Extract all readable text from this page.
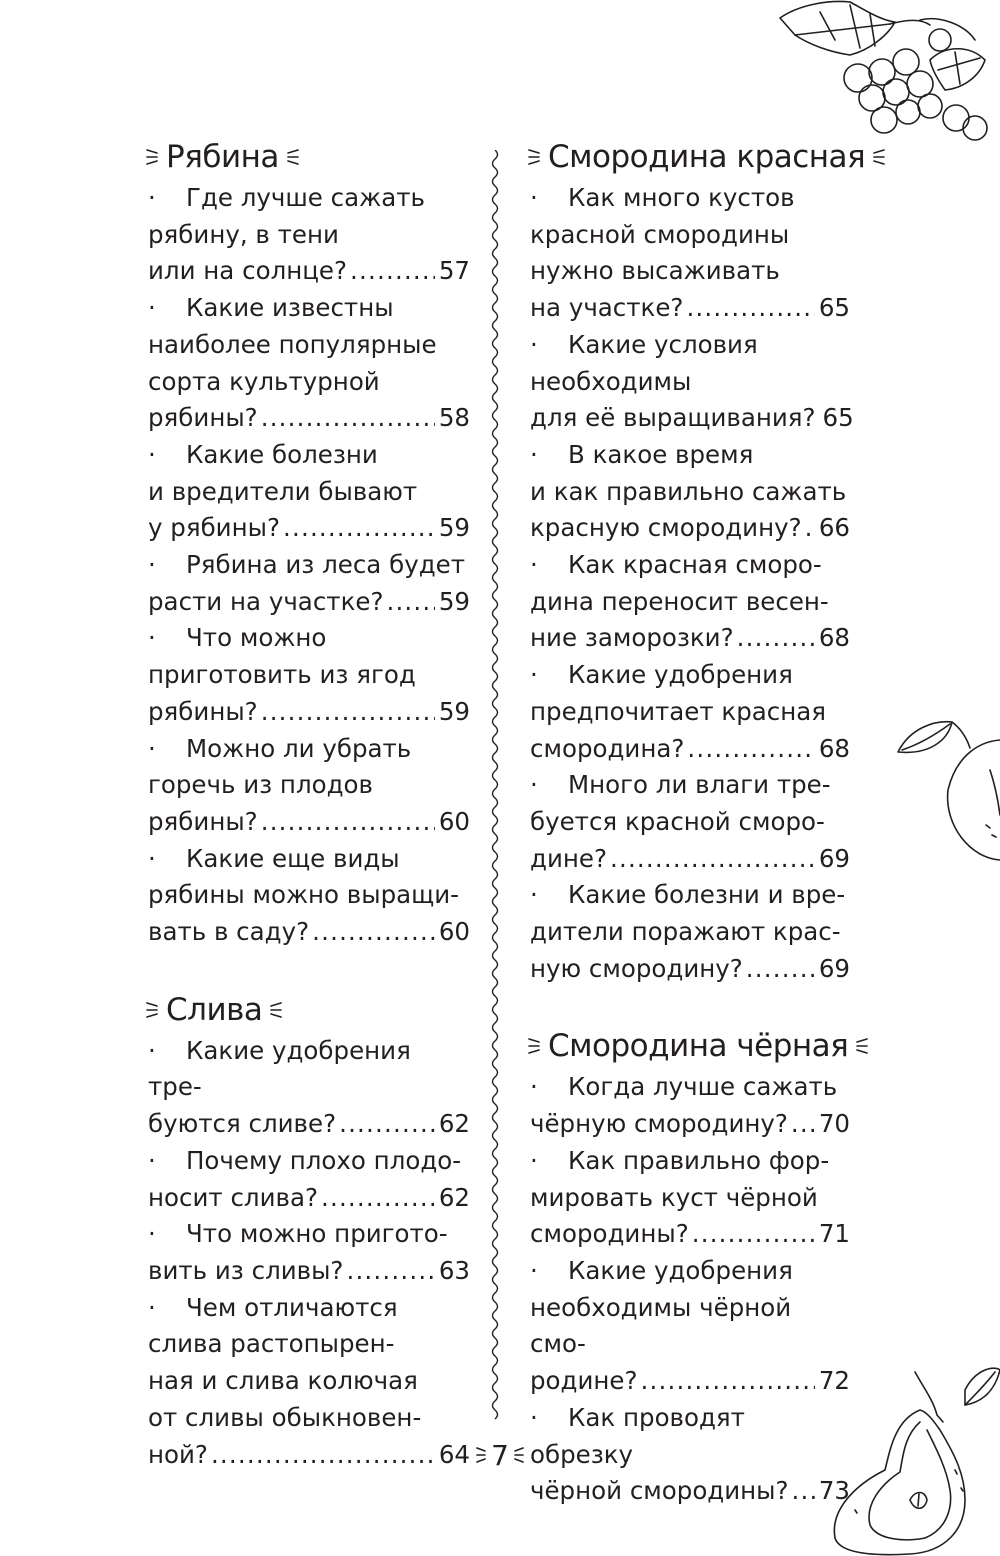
Рябина
· Где лучше сажать
рябину, в тени
или на солнце? .....	57
· Какие известны
наиболее популярные
сорта культурной
рябины? .....	58
· Какие болезни
и вредители бывают
у рябины? .....	59
· Рябина из леса будет
расти на участке? ..... 59
· Что можно
приготовить из ягод
рябины? .....	59
· Можно ли убрать
горечь из плодов
рябины? .....	60
· Какие еще виды
рябины можно выращи-
вать в саду? .....	60
Слива
· Какие удобрения тре-
буются сливе? .....	62
· Почему плохо плодо-
носит слива? .....	62
· Что можно пригото-
вить из сливы? .....	63
· Чем отличаются
слива растопырен-
ная и слива колючая
от сливы обыкновен-
ной? .....	64
Смородина красная
· Как много кустов
красной смородины
нужно высаживать
на участке? .....	65
· Какие условия
необходимы
для её выращивания? 65
· В какое время
и как правильно сажать
красную смородину? ..... 66
· Как красная сморо-
дина переносит весен-
ние заморозки? .....	68
· Какие удобрения
предпочитает красная
смородина? .....	68
· Много ли влаги тре-
буется красной сморо-
дине? .....	69
· Какие болезни и вре-
дители поражают крас-
ную смородину? .....	69
Смородина чёрная
· Когда лучше сажать
чёрную смородину? ..... 70
· Как правильно фор-
мировать куст чёрной
смородины? .....	71
· Какие удобрения
необходимы чёрной смо-
родине? .....	72
· Как проводят обрезку
чёрной смородины? ..... 73
7
